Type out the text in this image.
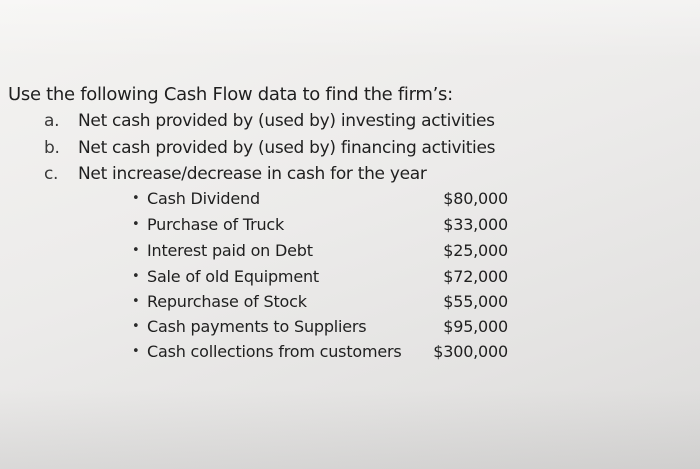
Use the following Cash Flow data to find the firm’s:
a. Net cash provided by (used by) investing activities
b. Net cash provided by (used by) financing activities
c. Net increase/decrease in cash for the year
• Cash Dividend	$80,000
• Purchase of Truck	$33,000
• Interest paid on Debt	$25,000
• Sale of old Equipment	$72,000
• Repurchase of Stock	$55,000
• Cash payments to Suppliers	$95,000
• Cash collections from customers $300,000
